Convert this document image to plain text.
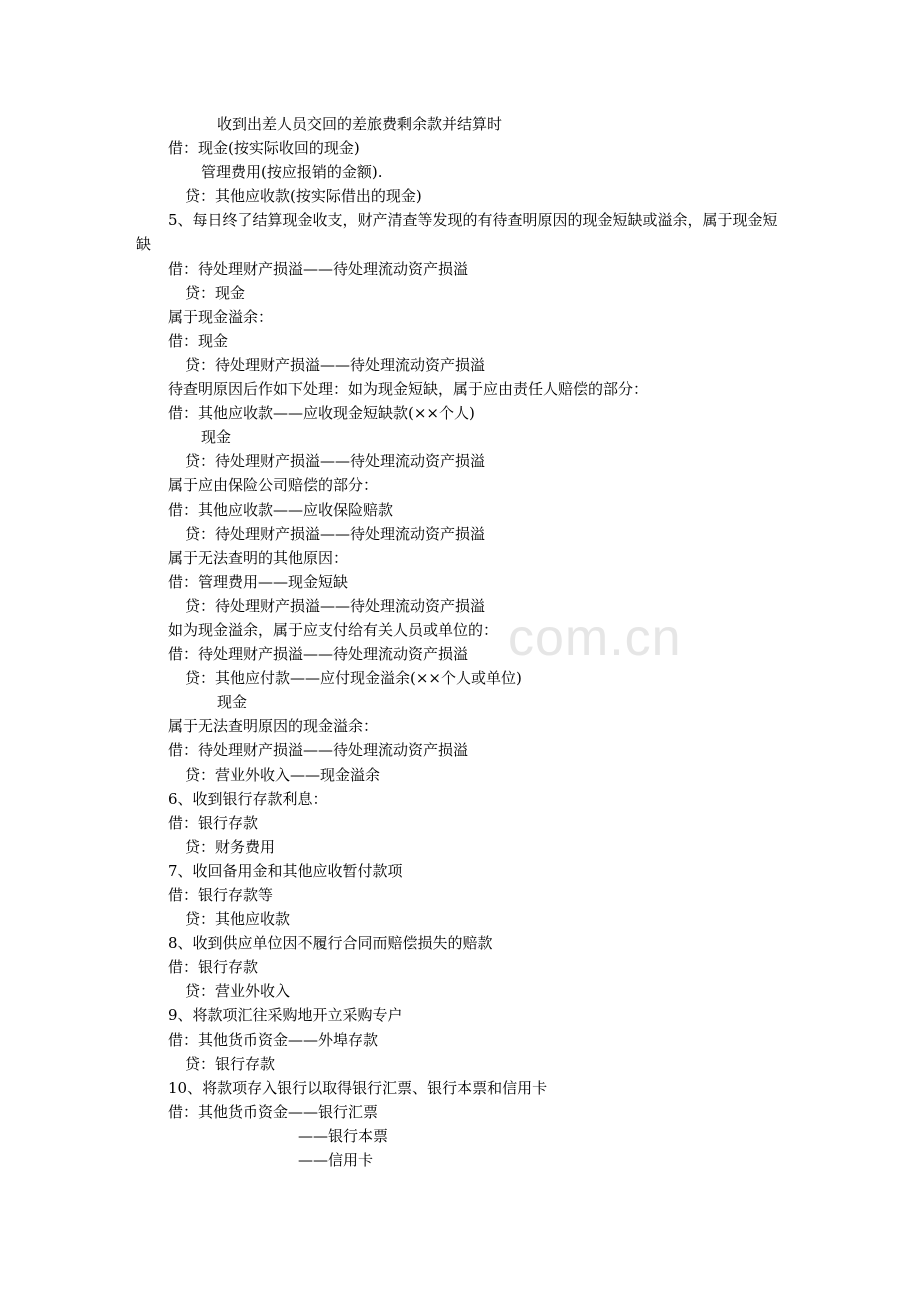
com.cn
收到出差人员交回的差旅费剩余款并结算时
借：现金(按实际收回的现金)
管理费用(按应报销的金额).
贷：其他应收款(按实际借出的现金)
5、每日终了结算现金收支，财产清查等发现的有待查明原因的现金短缺或溢余，属于现金短缺
借：待处理财产损溢——待处理流动资产损溢
贷：现金
属于现金溢余：
借：现金
贷：待处理财产损溢——待处理流动资产损溢
待查明原因后作如下处理：如为现金短缺，属于应由责任人赔偿的部分：
借：其他应收款——应收现金短缺款(××个人)
现金
贷：待处理财产损溢——待处理流动资产损溢
属于应由保险公司赔偿的部分：
借：其他应收款——应收保险赔款
贷：待处理财产损溢——待处理流动资产损溢
属于无法查明的其他原因：
借：管理费用——现金短缺
贷：待处理财产损溢——待处理流动资产损溢
如为现金溢余，属于应支付给有关人员或单位的：
借：待处理财产损溢——待处理流动资产损溢
贷：其他应付款——应付现金溢余(××个人或单位)
现金
属于无法查明原因的现金溢余：
借：待处理财产损溢——待处理流动资产损溢
贷：营业外收入——现金溢余
6、收到银行存款利息：
借：银行存款
贷：财务费用
7、收回备用金和其他应收暂付款项
借：银行存款等
贷：其他应收款
8、收到供应单位因不履行合同而赔偿损失的赔款
借：银行存款
贷：营业外收入
9、将款项汇往采购地开立采购专户
借：其他货币资金——外埠存款
贷：银行存款
10、将款项存入银行以取得银行汇票、银行本票和信用卡
借：其他货币资金——银行汇票
——银行本票
——信用卡
